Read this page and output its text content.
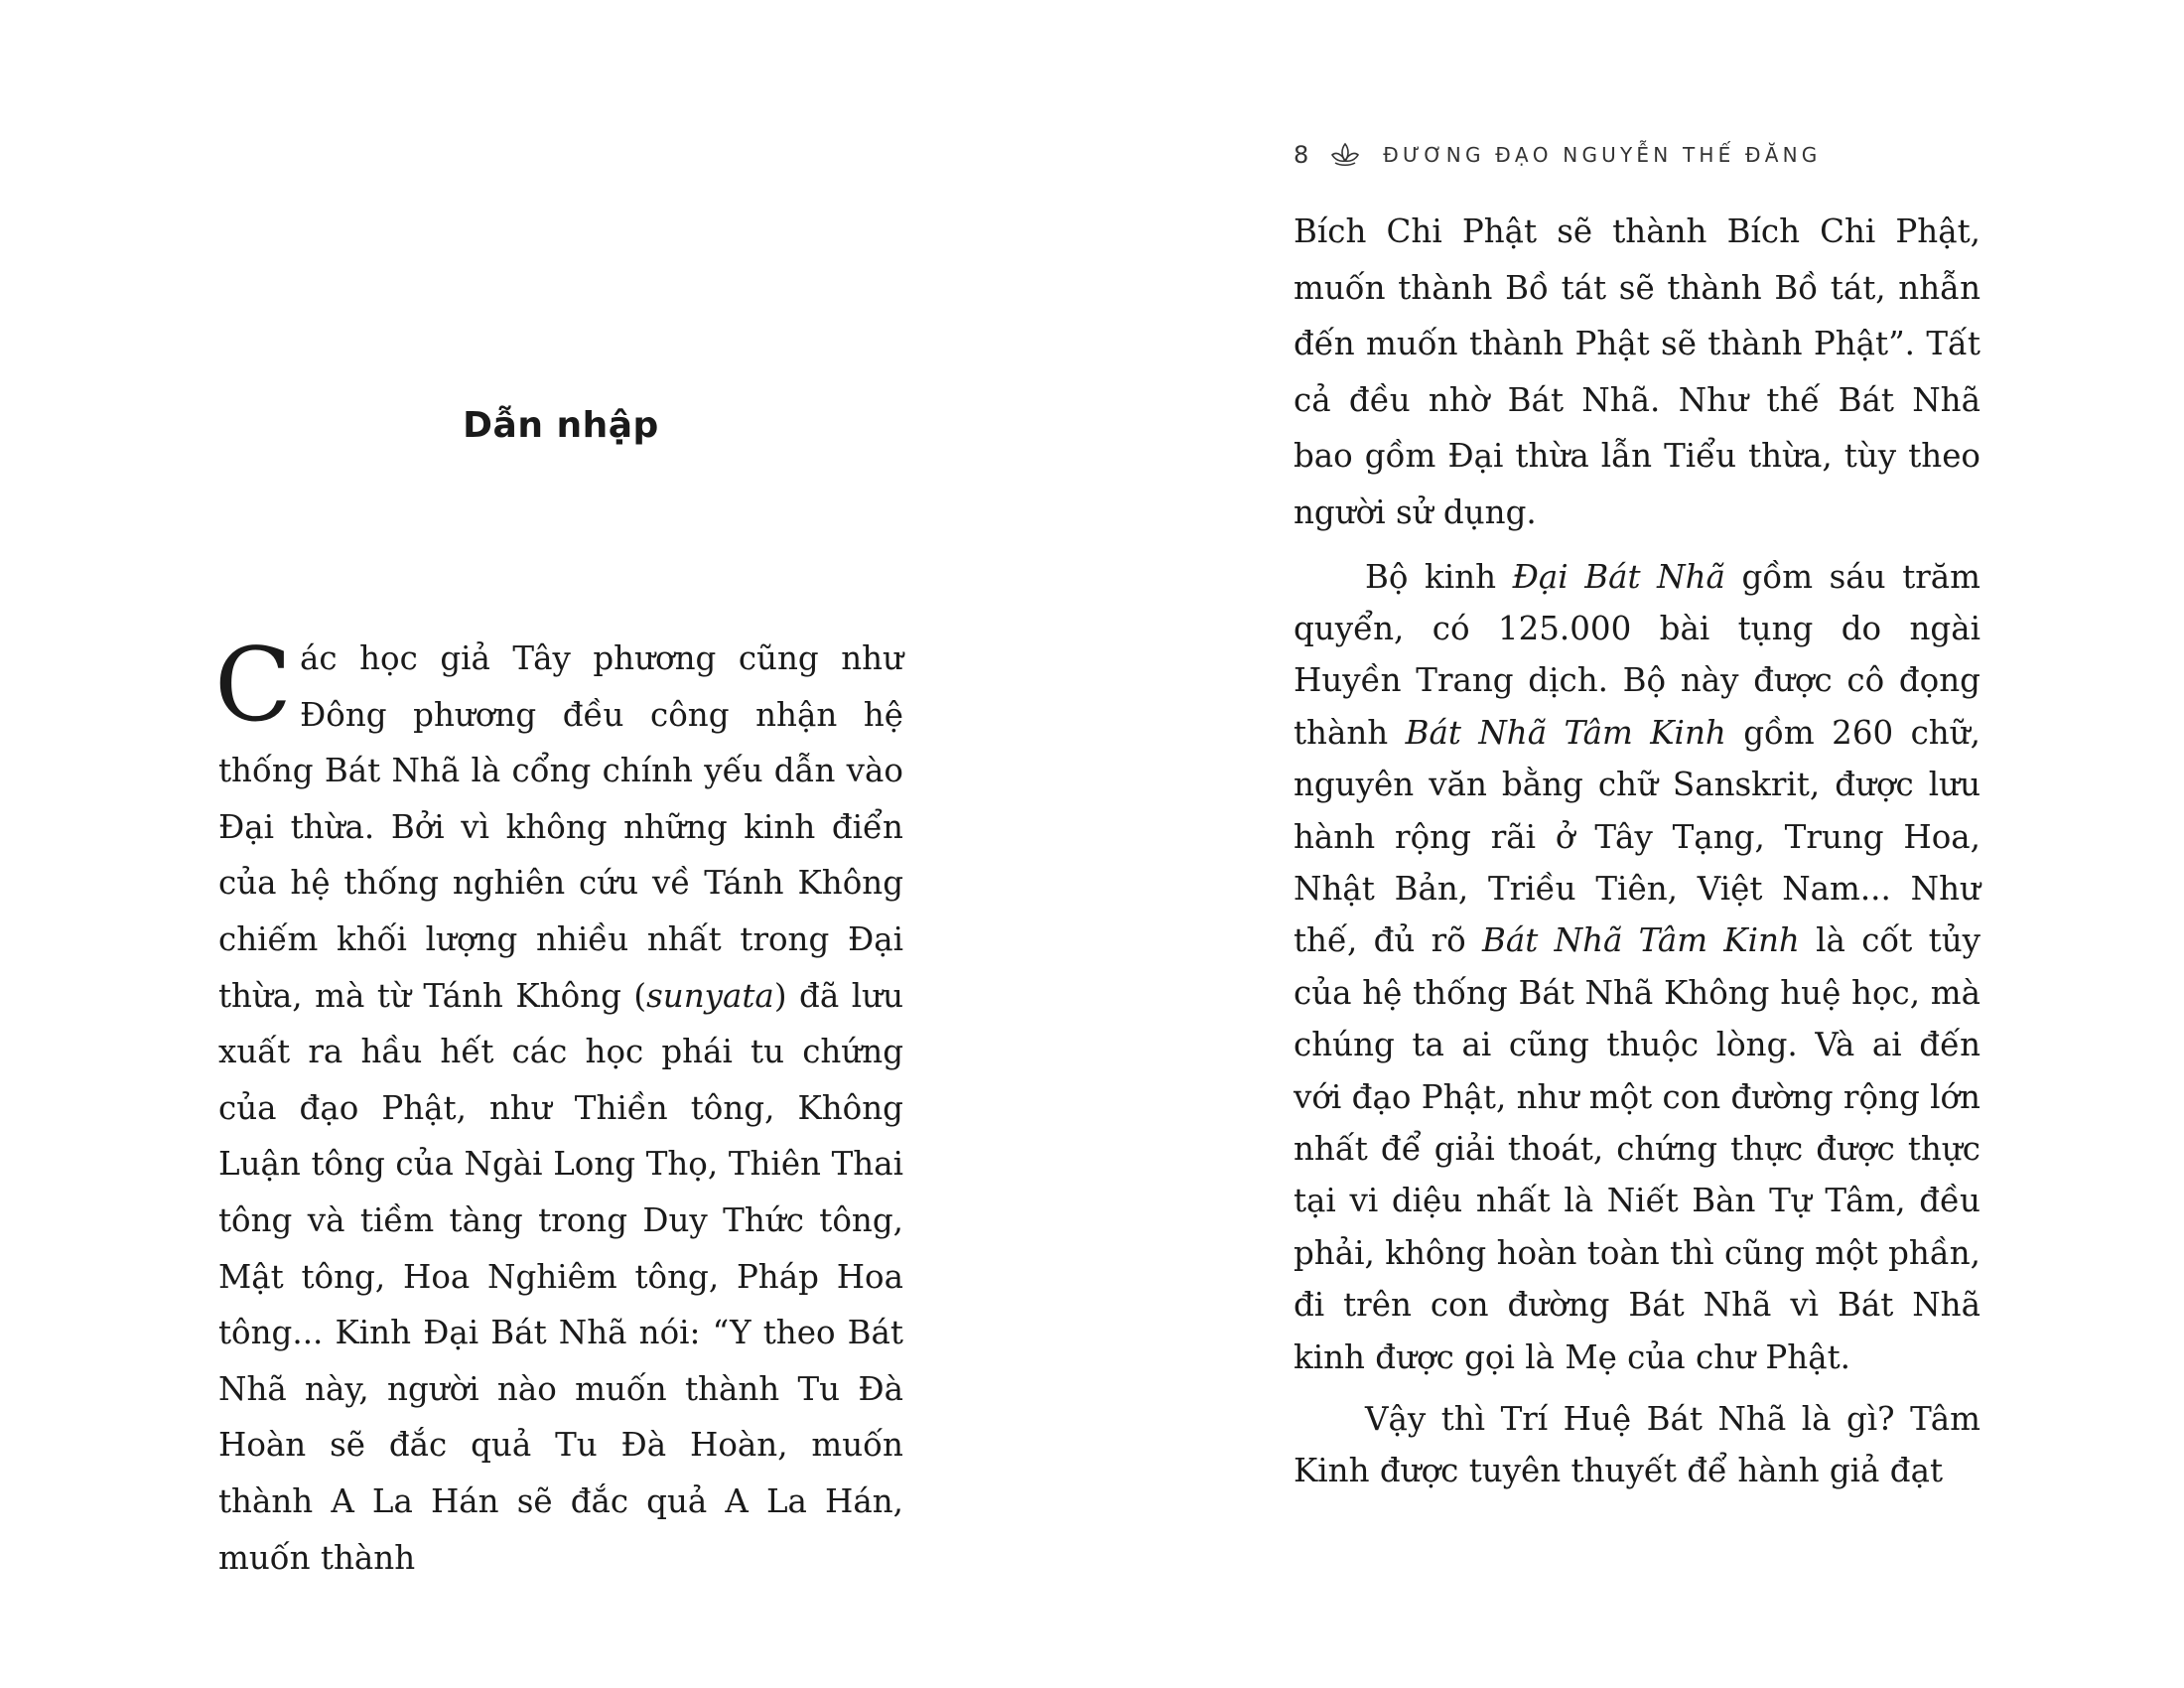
Dẫn nhập
Các học giả Tây phương cũng như Đông phương đều công nhận hệ thống Bát Nhã là cổng chính yếu dẫn vào Đại thừa. Bởi vì không những kinh điển của hệ thống nghiên cứu về Tánh Không chiếm khối lượng nhiều nhất trong Đại thừa, mà từ Tánh Không (sunyata) đã lưu xuất ra hầu hết các học phái tu chứng của đạo Phật, như Thiền tông, Không Luận tông của Ngài Long Thọ, Thiên Thai tông và tiềm tàng trong Duy Thức tông, Mật tông, Hoa Nghiêm tông, Pháp Hoa tông... Kinh Đại Bát Nhã nói: “Y theo Bát Nhã này, người nào muốn thành Tu Đà Hoàn sẽ đắc quả Tu Đà Hoàn, muốn thành A La Hán sẽ đắc quả A La Hán, muốn thành
8	ĐƯƠNG ĐẠO NGUYỄN THẾ ĐĂNG

Bích Chi Phật sẽ thành Bích Chi Phật, muốn thành Bồ tát sẽ thành Bồ tát, nhẫn đến muốn thành Phật sẽ thành Phật”. Tất cả đều nhờ Bát Nhã. Như thế Bát Nhã bao gồm Đại thừa lẫn Tiểu thừa, tùy theo người sử dụng.

Bộ kinh Đại Bát Nhã gồm sáu trăm quyển, có 125.000 bài tụng do ngài Huyền Trang dịch. Bộ này được cô đọng thành Bát Nhã Tâm Kinh gồm 260 chữ, nguyên văn bằng chữ Sanskrit, được lưu hành rộng rãi ở Tây Tạng, Trung Hoa, Nhật Bản, Triều Tiên, Việt Nam... Như thế, đủ rõ Bát Nhã Tâm Kinh là cốt tủy của hệ thống Bát Nhã Không huệ học, mà chúng ta ai cũng thuộc lòng. Và ai đến với đạo Phật, như một con đường rộng lớn nhất để giải thoát, chứng thực được thực tại vi diệu nhất là Niết Bàn Tự Tâm, đều phải, không hoàn toàn thì cũng một phần, đi trên con đường Bát Nhã vì Bát Nhã kinh được gọi là Mẹ của chư Phật.

Vậy thì Trí Huệ Bát Nhã là gì? Tâm Kinh được tuyên thuyết để hành giả đạt
